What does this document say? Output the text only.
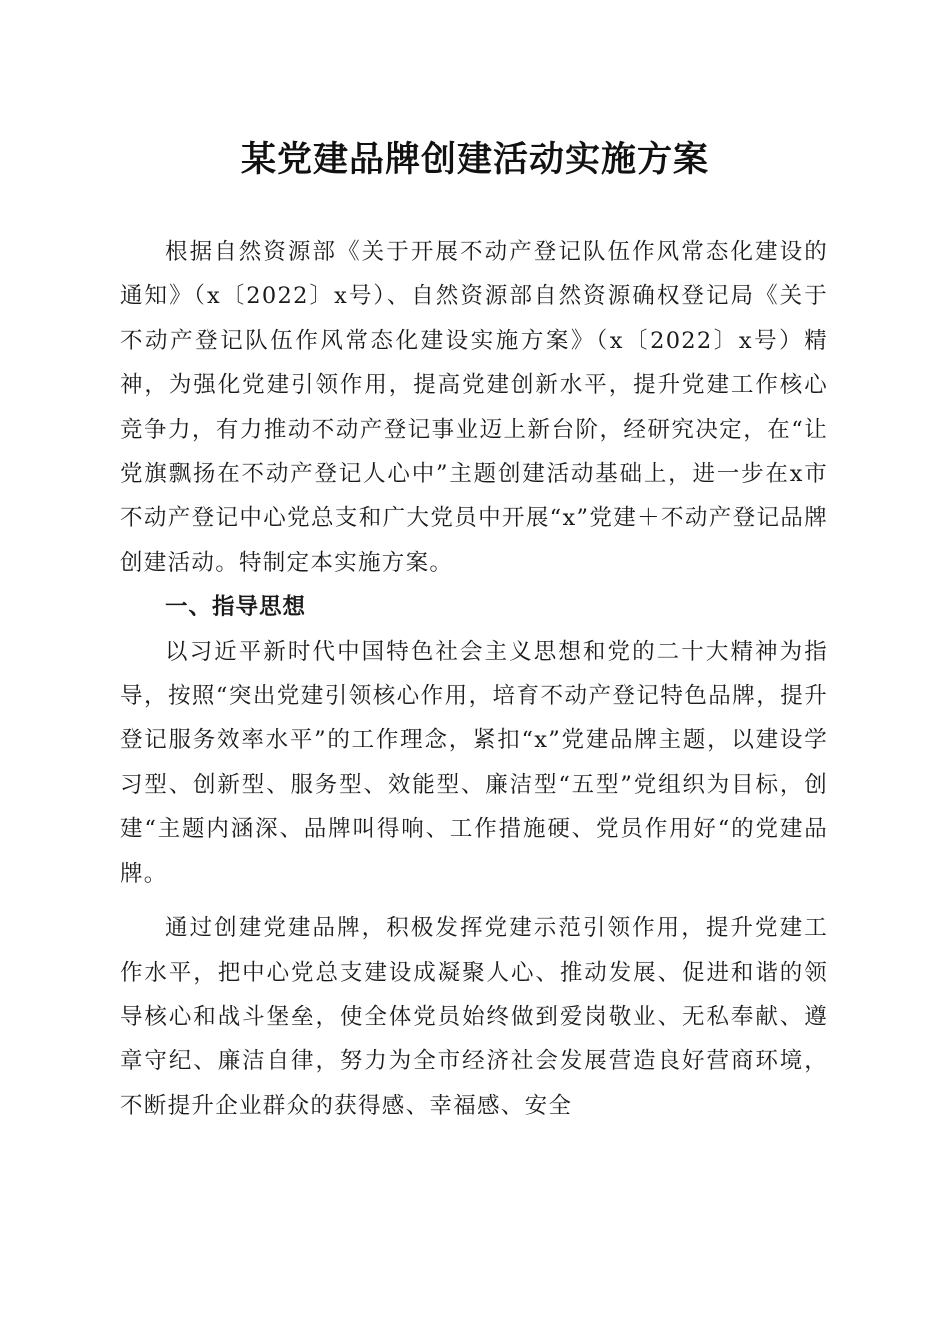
某党建品牌创建活动实施方案

根据自然资源部《关于开展不动产登记队伍作风常态化建设的通知》（x〔2022〕x号）、自然资源部自然资源确权登记局《关于不动产登记队伍作风常态化建设实施方案》（x〔2022〕x号）精神，为强化党建引领作用，提高党建创新水平，提升党建工作核心竞争力，有力推动不动产登记事业迈上新台阶，经研究决定，在“让党旗飘扬在不动产登记人心中”主题创建活动基础上，进一步在x市不动产登记中心党总支和广大党员中开展“x”党建＋不动产登记品牌创建活动。特制定本实施方案。

一、指导思想

以习近平新时代中国特色社会主义思想和党的二十大精神为指导，按照“突出党建引领核心作用，培育不动产登记特色品牌，提升登记服务效率水平”的工作理念，紧扣“x”党建品牌主题，以建设学习型、创新型、服务型、效能型、廉洁型“五型”党组织为目标，创建“主题内涵深、品牌叫得响、工作措施硬、党员作用好“的党建品牌。

通过创建党建品牌，积极发挥党建示范引领作用，提升党建工作水平，把中心党总支建设成凝聚人心、推动发展、促进和谐的领导核心和战斗堡垒，使全体党员始终做到爱岗敬业、无私奉献、遵章守纪、廉洁自律，努力为全市经济社会发展营造良好营商环境，不断提升企业群众的获得感、幸福感、安全
